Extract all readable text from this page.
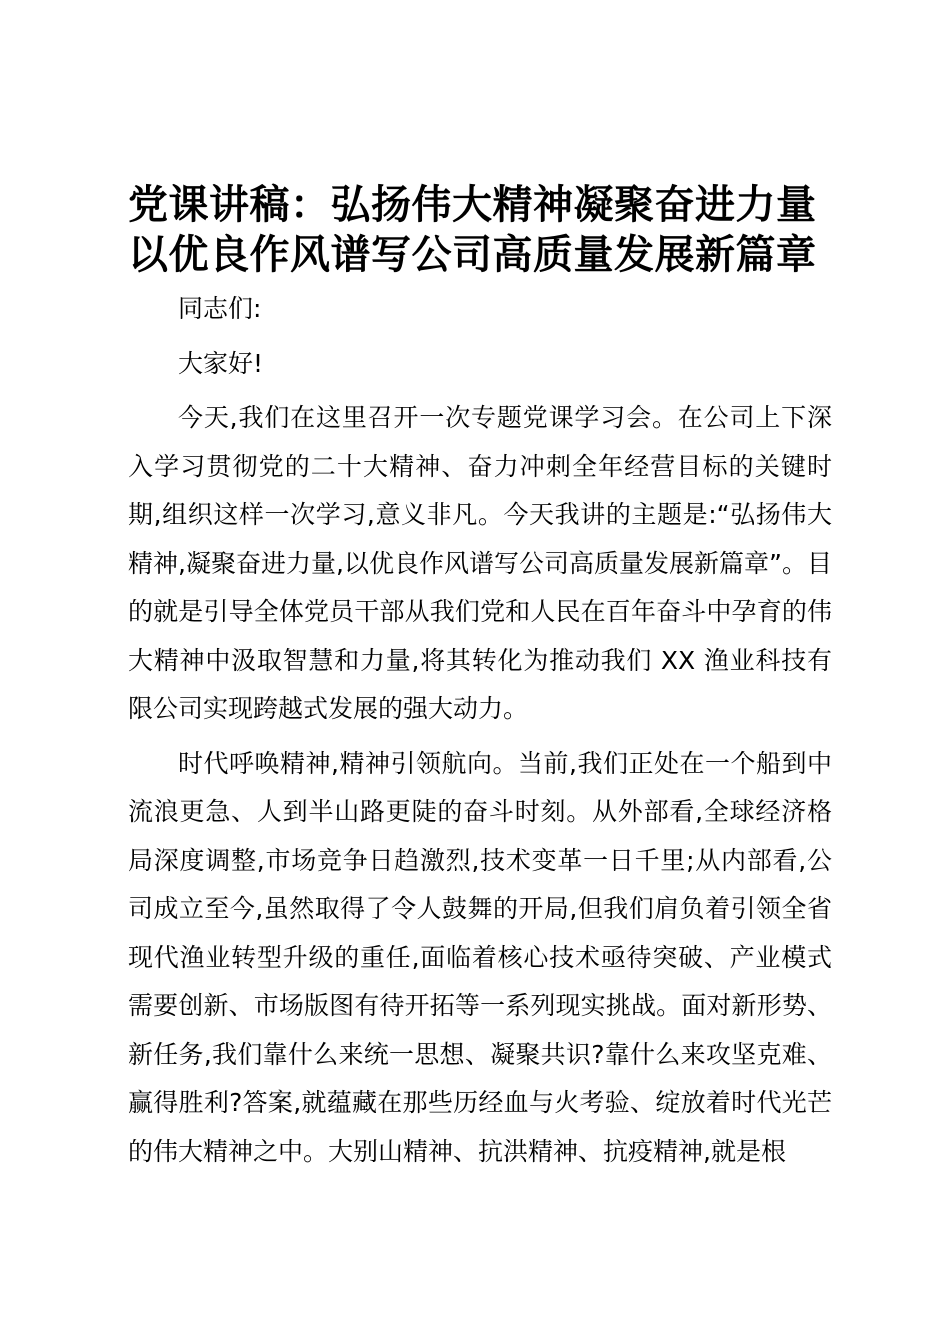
党课讲稿：弘扬伟大精神凝聚奋进力量
以优良作风谱写公司高质量发展新篇章

同志们:

大家好!

今天,我们在这里召开一次专题党课学习会。在公司上下深入学习贯彻党的二十大精神、奋力冲刺全年经营目标的关键时期,组织这样一次学习,意义非凡。今天我讲的主题是:“弘扬伟大精神,凝聚奋进力量,以优良作风谱写公司高质量发展新篇章”。目的就是引导全体党员干部从我们党和人民在百年奋斗中孕育的伟大精神中汲取智慧和力量,将其转化为推动我们 XX 渔业科技有限公司实现跨越式发展的强大动力。

时代呼唤精神,精神引领航向。当前,我们正处在一个船到中流浪更急、人到半山路更陡的奋斗时刻。从外部看,全球经济格局深度调整,市场竞争日趋激烈,技术变革一日千里;从内部看,公司成立至今,虽然取得了令人鼓舞的开局,但我们肩负着引领全省现代渔业转型升级的重任,面临着核心技术亟待突破、产业模式需要创新、市场版图有待开拓等一系列现实挑战。面对新形势、新任务,我们靠什么来统一思想、凝聚共识?靠什么来攻坚克难、赢得胜利?答案,就蕴藏在那些历经血与火考验、绽放着时代光芒的伟大精神之中。大别山精神、抗洪精神、抗疫精神,就是根
